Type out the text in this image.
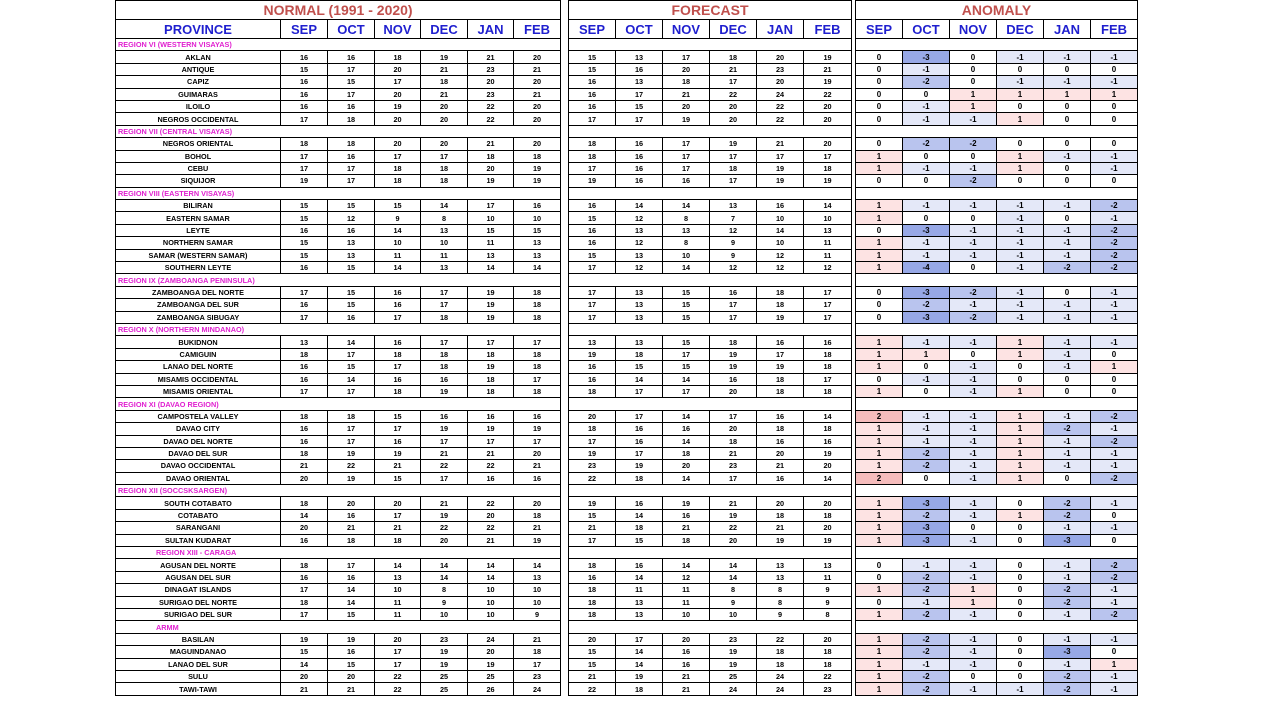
NORMAL (1991 - 2020)						
PROVINCE	SEP	OCT	NOV	DEC	JAN	FEB
REGION VI (WESTERN VISAYAS)						
AKLAN	16	16	18	19	21	20
ANTIQUE	15	17	20	21	23	21
CAPIZ	16	15	17	18	20	20
GUIMARAS	16	17	20	21	23	21
ILOILO	16	16	19	20	22	20
NEGROS OCCIDENTAL	17	18	20	20	22	20
REGION VII (CENTRAL VISAYAS)						
NEGROS ORIENTAL	18	18	20	20	21	20
BOHOL	17	16	17	17	18	18
CEBU	17	17	18	18	20	19
SIQUIJOR	19	17	18	18	19	19
REGION VIII (EASTERN VISAYAS)						
BILIRAN	15	15	15	14	17	16
EASTERN SAMAR	15	12	9	8	10	10
LEYTE	16	16	14	13	15	15
NORTHERN SAMAR	15	13	10	10	11	13
SAMAR (WESTERN SAMAR)	15	13	11	11	13	13
SOUTHERN LEYTE	16	15	14	13	14	14
REGION IX (ZAMBOANGA PENINSULA)						
ZAMBOANGA DEL NORTE	17	15	16	17	19	18
ZAMBOANGA DEL SUR	16	15	16	17	19	18
ZAMBOANGA SIBUGAY	17	16	17	18	19	18
REGION X (NORTHERN MINDANAO)						
BUKIDNON	13	14	16	17	17	17
CAMIGUIN	18	17	18	18	18	18
LANAO DEL NORTE	16	15	17	18	19	18
MISAMIS OCCIDENTAL	16	14	16	16	18	17
MISAMIS ORIENTAL	17	17	18	19	18	18
REGION XI (DAVAO REGION)						
CAMPOSTELA VALLEY	18	18	15	16	16	16
DAVAO CITY	16	17	17	19	19	19
DAVAO DEL NORTE	16	17	16	17	17	17
DAVAO DEL SUR	18	19	19	21	21	20
DAVAO OCCIDENTAL	21	22	21	22	22	21
DAVAO ORIENTAL	20	19	15	17	16	16
REGION XII (SOCCSKSARGEN)						
SOUTH COTABATO	18	20	20	21	22	20
COTABATO	14	16	17	19	20	18
SARANGANI	20	21	21	22	22	21
SULTAN KUDARAT	16	18	18	20	21	19
REGION XIII - CARAGA						
AGUSAN DEL NORTE	18	17	14	14	14	14
AGUSAN DEL SUR	16	16	13	14	14	13
DINAGAT ISLANDS	17	14	10	8	10	10
SURIGAO DEL NORTE	18	14	11	9	10	10
SURIGAO DEL SUR	17	15	11	10	10	9
ARMM						
BASILAN	19	19	20	23	24	21
MAGUINDANAO	15	16	17	19	20	18
LANAO DEL SUR	14	15	17	19	19	17
SULU	20	20	22	25	25	23
TAWI-TAWI	21	21	22	25	26	24
FORECAST					
SEP	OCT	NOV	DEC	JAN	FEB

15	13	17	18	20	19
15	16	20	21	23	21
16	13	18	17	20	19
16	17	21	22	24	22
16	15	20	20	22	20
17	17	19	20	22	20

18	16	17	19	21	20
18	16	17	17	17	17
17	16	17	18	19	18
19	16	16	17	19	19

16	14	14	13	16	14
15	12	8	7	10	10
16	13	13	12	14	13
16	12	8	9	10	11
15	13	10	9	12	11
17	12	14	12	12	12

17	13	15	16	18	17
17	13	15	17	18	17
17	13	15	17	19	17

13	13	15	18	16	16
19	18	17	19	17	18
16	15	15	19	19	18
16	14	14	16	18	17
18	17	17	20	18	18

20	17	14	17	16	14
18	16	16	20	18	18
17	16	14	18	16	16
19	17	18	21	20	19
23	19	20	23	21	20
22	18	14	17	16	14

19	16	19	21	20	20
15	14	16	19	18	18
21	18	21	22	21	20
17	15	18	20	19	19

18	16	14	14	13	13
16	14	12	14	13	11
18	11	11	8	8	9
18	13	11	9	8	9
18	13	10	10	9	8

20	17	20	23	22	20
15	14	16	19	18	18
15	14	16	19	18	18
21	19	21	25	24	22
22	18	21	24	24	23
ANOMALY					
SEP	OCT	NOV	DEC	JAN	FEB

0	-3	0	-1	-1	-1
0	-1	0	0	0	0
0	-2	0	-1	-1	-1
0	0	1	1	1	1
0	-1	1	0	0	0
0	-1	-1	1	0	0

0	-2	-2	0	0	0
1	0	0	1	-1	-1
1	-1	-1	1	0	-1
0	0	-2	0	0	0

1	-1	-1	-1	-1	-2
1	0	0	-1	0	-1
0	-3	-1	-1	-1	-2
1	-1	-1	-1	-1	-2
1	-1	-1	-1	-1	-2
1	-4	0	-1	-2	-2

0	-3	-2	-1	0	-1
0	-2	-1	-1	-1	-1
0	-3	-2	-1	-1	-1

1	-1	-1	1	-1	-1
1	1	0	1	-1	0
1	0	-1	0	-1	1
0	-1	-1	0	0	0
1	0	-1	1	0	0

2	-1	-1	1	-1	-2
1	-1	-1	1	-2	-1
1	-1	-1	1	-1	-2
1	-2	-1	1	-1	-1
1	-2	-1	1	-1	-1
2	0	-1	1	0	-2

1	-3	-1	0	-2	-1
1	-2	-1	1	-2	0
1	-3	0	0	-1	-1
1	-3	-1	0	-3	0

0	-1	-1	0	-1	-2
0	-2	-1	0	-1	-2
1	-2	1	0	-2	-1
0	-1	1	0	-2	-1
1	-2	-1	0	-1	-2

1	-2	-1	0	-1	-1
1	-2	-1	0	-3	0
1	-1	-1	0	-1	1
1	-2	0	0	-2	-1
1	-2	-1	-1	-2	-1
